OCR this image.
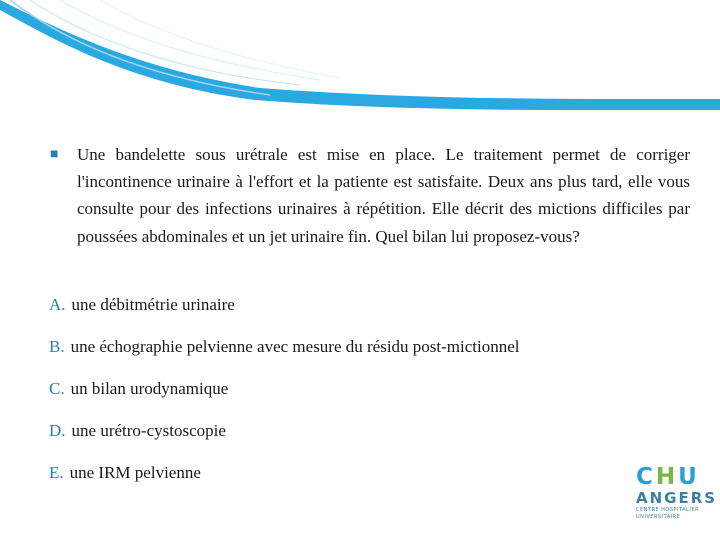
■	Une bandelette sous urétrale est mise en place. Le traitement permet de corriger l'incontinence urinaire à l'effort et la patiente est satisfaite. Deux ans plus tard, elle vous consulte pour des infections urinaires à répétition. Elle décrit des mictions difficiles par poussées abdominales et un jet urinaire fin. Quel bilan lui proposez-vous?
A. une débitmétrie urinaire
B. une échographie pelvienne avec mesure du résidu post-mictionnel
C. un bilan urodynamique
D. une urétro-cystoscopie
E. une IRM pelvienne	CHU
ANGERS
CENTRE HOSPITALIER
UNIVERSITAIRE
